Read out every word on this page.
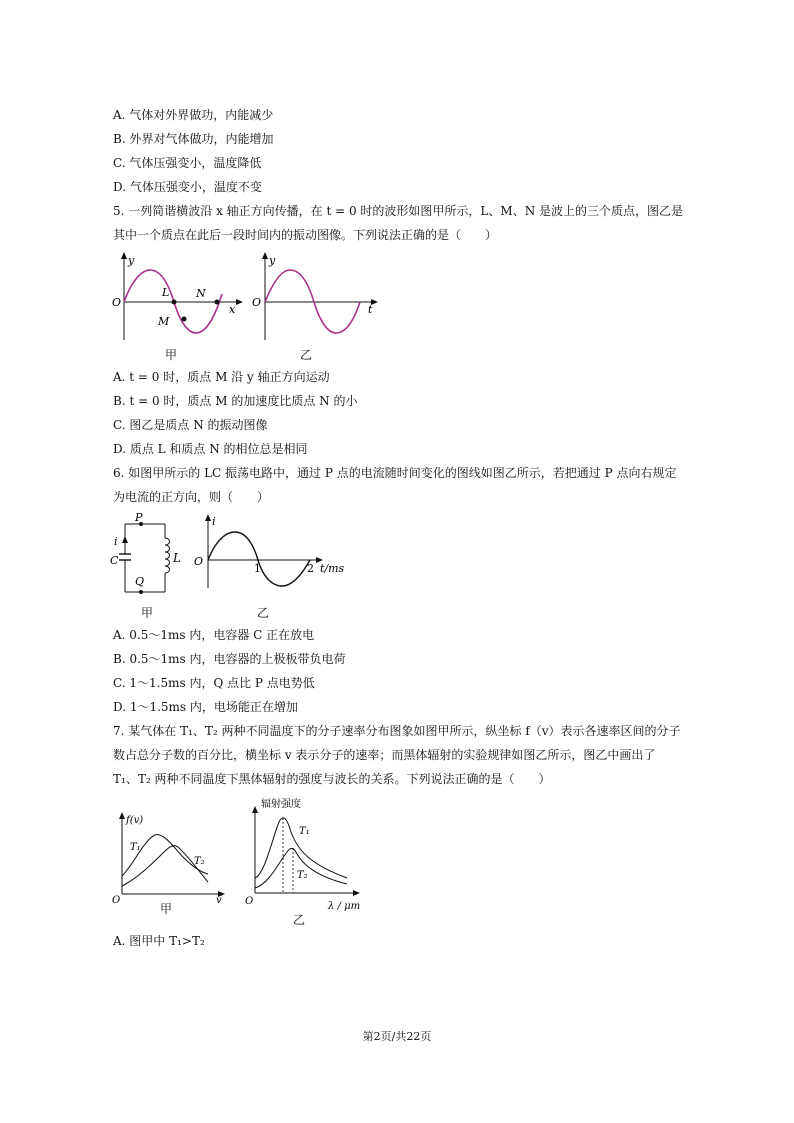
A. 气体对外界做功，内能减少
B. 外界对气体做功，内能增加
C. 气体压强变小，温度降低
D. 气体压强变小，温度不变
5. 一列简谐横波沿 x 轴正方向传播，在 t = 0 时的波形如图甲所示，L、M、N 是波上的三个质点，图乙是
其中一个质点在此后一段时间内的振动图像。下列说法正确的是（　　）
y
O
L
M
N
x
甲
y
O
t
乙
A. t = 0 时，质点 M 沿 y 轴正方向运动
B. t = 0 时，质点 M 的加速度比质点 N 的小
C. 图乙是质点 N 的振动图像
D. 质点 L 和质点 N 的相位总是相同
6. 如图甲所示的 LC 振荡电路中，通过 P 点的电流随时间变化的图线如图乙所示，若把通过 P 点向右规定
为电流的正方向，则（　　）
P
Q
C
i
L
甲
i
O
1	2 t/ms
乙
A. 0.5～1ms 内，电容器 C 正在放电
B. 0.5～1ms 内，电容器的上极板带负电荷
C. 1～1.5ms 内，Q 点比 P 点电势低
D. 1～1.5ms 内，电场能正在增加
7. 某气体在 T₁、T₂ 两种不同温度下的分子速率分布图象如图甲所示，纵坐标 f（v）表示各速率区间的分子
数占总分子数的百分比，横坐标 v 表示分子的速率；而黑体辐射的实验规律如图乙所示，图乙中画出了
T₁、T₂ 两种不同温度下黑体辐射的强度与波长的关系。下列说法正确的是（　　）
f(v)
T₁
T₂
O	v
甲
辐射强度
T₁
T₂
O	λ / μm
乙
A. 图甲中 T₁>T₂
第2页/共22页
